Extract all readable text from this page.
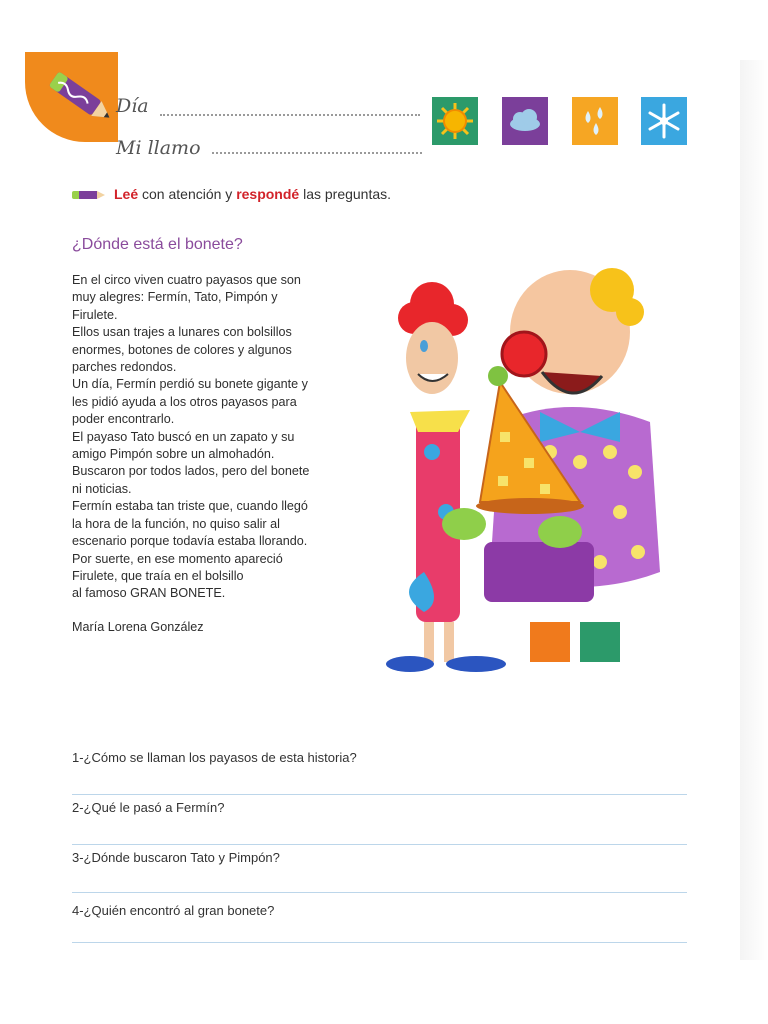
Día
Mi llamo
Leé con atención y respondé las preguntas.
¿Dónde está el bonete?

En el circo viven cuatro payasos que son

muy alegres: Fermín, Tato, Pimpón y

Firulete.

Ellos usan trajes a lunares con bolsillos

enormes, botones de colores y algunos

parches redondos.

Un día, Fermín perdió su bonete gigante y

les pidió ayuda a los otros payasos para

poder encontrarlo.

El payaso Tato buscó en un zapato y su

amigo Pimpón sobre un almohadón.

Buscaron por todos lados, pero del bonete

ni noticias.

Fermín estaba tan triste que, cuando llegó

la hora de la función, no quiso salir al

escenario porque todavía estaba llorando.

Por suerte, en ese momento apareció

Firulete, que traía en el bolsillo

al famoso GRAN BONETE.

María Lorena González
1-¿Cómo se llaman los payasos de esta historia?
2-¿Qué le pasó a Fermín?
3-¿Dónde buscaron Tato y Pimpón?
4-¿Quién encontró al gran bonete?
